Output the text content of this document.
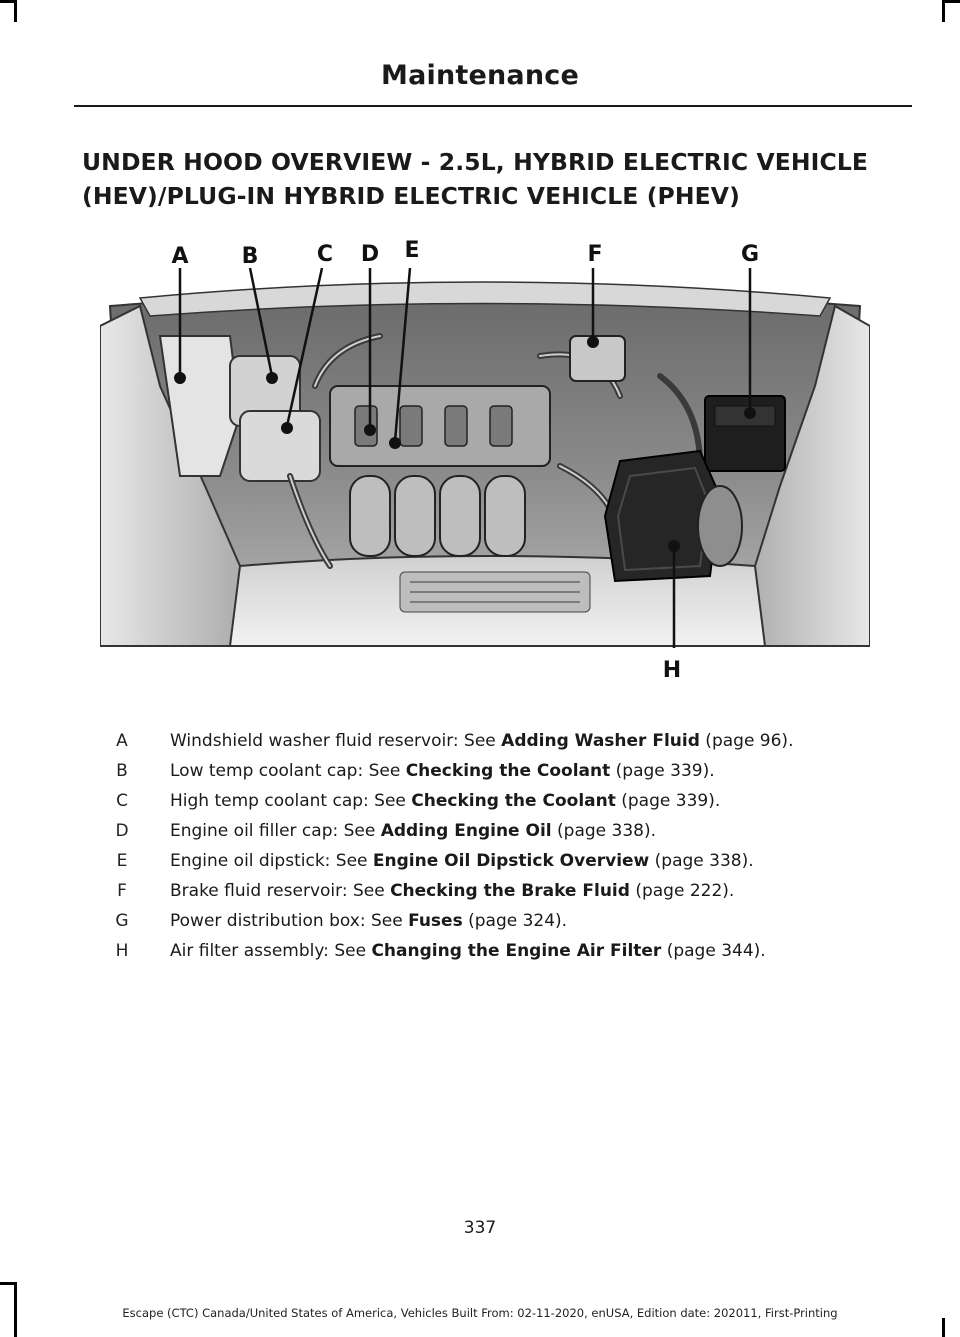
Maintenance
UNDER HOOD OVERVIEW - 2.5L, HYBRID ELECTRIC VEHICLE
(HEV)/PLUG-IN HYBRID ELECTRIC VEHICLE (PHEV)
A B	C D E	F	G
H
A	Windshield washer fluid reservoir: See Adding Washer Fluid (page 96).
B	Low temp coolant cap: See Checking the Coolant (page 339).
C	High temp coolant cap: See Checking the Coolant (page 339).
D	Engine oil filler cap: See Adding Engine Oil (page 338).
E	Engine oil dipstick: See Engine Oil Dipstick Overview (page 338).
F	Brake fluid reservoir: See Checking the Brake Fluid (page 222).
G	Power distribution box: See Fuses (page 324).
H	Air filter assembly: See Changing the Engine Air Filter (page 344).
337
Escape (CTC) Canada/United States of America, Vehicles Built From: 02-11-2020, enUSA, Edition date: 202011, First-Printing
